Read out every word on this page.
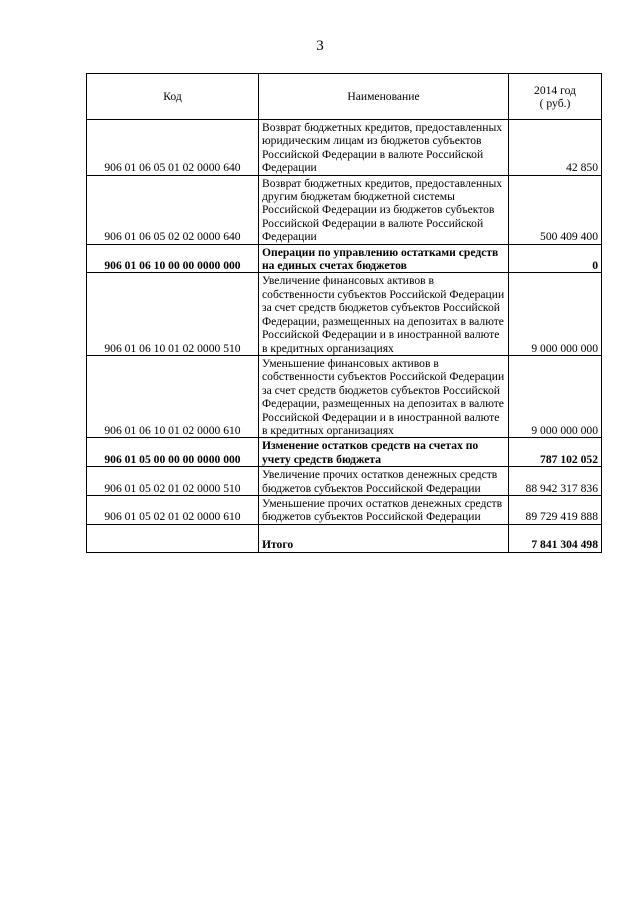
3
Код	Наименование	2014 год
( руб.)

906 01 06 05 01 02 0000 640	Возврат бюджетных кредитов, предоставленных юридическим лицам из бюджетов субъектов Российской Федерации в валюте Российской Федерации	42 850
906 01 06 05 02 02 0000 640	Возврат бюджетных кредитов, предоставленных другим бюджетам бюджетной системы Российской Федерации из бюджетов субъектов Российской Федерации в валюте Российской Федерации	500 409 400
906 01 06 10 00 00 0000 000	Операции по управлению остатками средств на единых счетах бюджетов	0
906 01 06 10 01 02 0000 510	Увеличение финансовых активов в собственности субъектов Российской Федерации за счет средств бюджетов субъектов Российской Федерации, размещенных на депозитах в валюте Российской Федерации и в иностранной валюте в кредитных организациях	9 000 000 000
906 01 06 10 01 02 0000 610	Уменьшение финансовых активов в собственности субъектов Российской Федерации за счет средств бюджетов субъектов Российской Федерации, размещенных на депозитах в валюте Российской Федерации и в иностранной валюте в кредитных организациях	9 000 000 000
906 01 05 00 00 00 0000 000	Изменение остатков средств на счетах по учету средств бюджета	787 102 052
906 01 05 02 01 02 0000 510	Увеличение прочих остатков денежных средств бюджетов субъектов Российской Федерации	88 942 317 836
906 01 05 02 01 02 0000 610	Уменьшение прочих остатков денежных средств бюджетов субъектов Российской Федерации	89 729 419 888
	Итого	7 841 304 498
